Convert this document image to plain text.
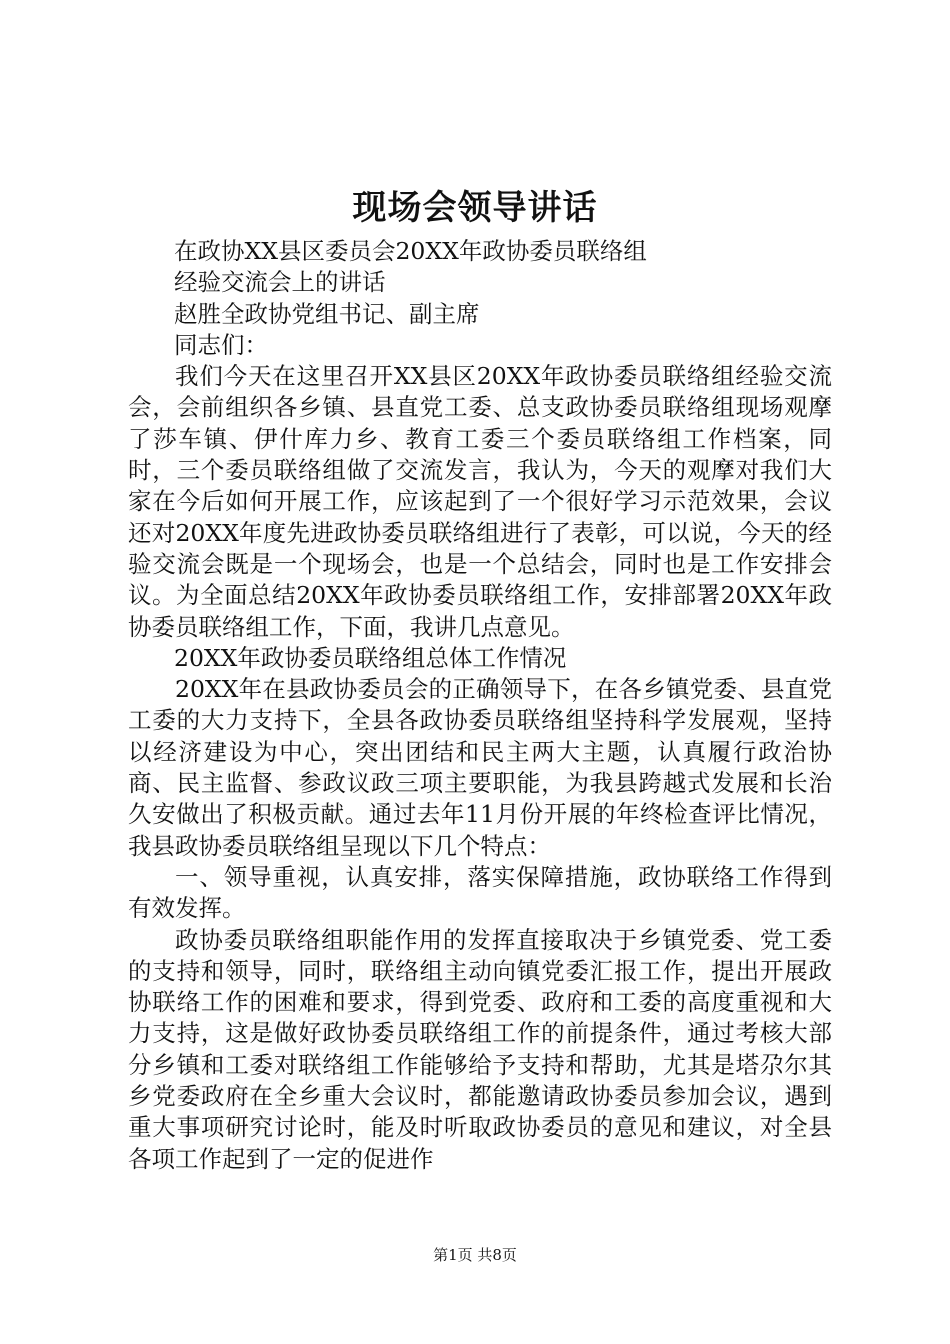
现场会领导讲话

在政协XX县区委员会20XX年政协委员联络组

经验交流会上的讲话

赵胜全政协党组书记、副主席

同志们：

我们今天在这里召开XX县区20XX年政协委员联络组经验交流会，会前组织各乡镇、县直党工委、总支政协委员联络组现场观摩了莎车镇、伊什库力乡、教育工委三个委员联络组工作档案，同时，三个委员联络组做了交流发言，我认为，今天的观摩对我们大家在今后如何开展工作，应该起到了一个很好学习示范效果，会议还对20XX年度先进政协委员联络组进行了表彰，可以说，今天的经验交流会既是一个现场会，也是一个总结会，同时也是工作安排会议。为全面总结20XX年政协委员联络组工作，安排部署20XX年政协委员联络组工作，下面，我讲几点意见。

20XX年政协委员联络组总体工作情况

20XX年在县政协委员会的正确领导下，在各乡镇党委、县直党工委的大力支持下，全县各政协委员联络组坚持科学发展观，坚持以经济建设为中心，突出团结和民主两大主题，认真履行政治协商、民主监督、参政议政三项主要职能，为我县跨越式发展和长治久安做出了积极贡献。通过去年11月份开展的年终检查评比情况，我县政协委员联络组呈现以下几个特点：

一、领导重视，认真安排，落实保障措施，政协联络工作得到有效发挥。

政协委员联络组职能作用的发挥直接取决于乡镇党委、党工委的支持和领导，同时，联络组主动向镇党委汇报工作，提出开展政协联络工作的困难和要求，得到党委、政府和工委的高度重视和大力支持，这是做好政协委员联络组工作的前提条件，通过考核大部分乡镇和工委对联络组工作能够给予支持和帮助，尤其是塔尕尔其乡党委政府在全乡重大会议时，都能邀请政协委员参加会议，遇到重大事项研究讨论时，能及时听取政协委员的意见和建议，对全县各项工作起到了一定的促进作

第1页 共8页
